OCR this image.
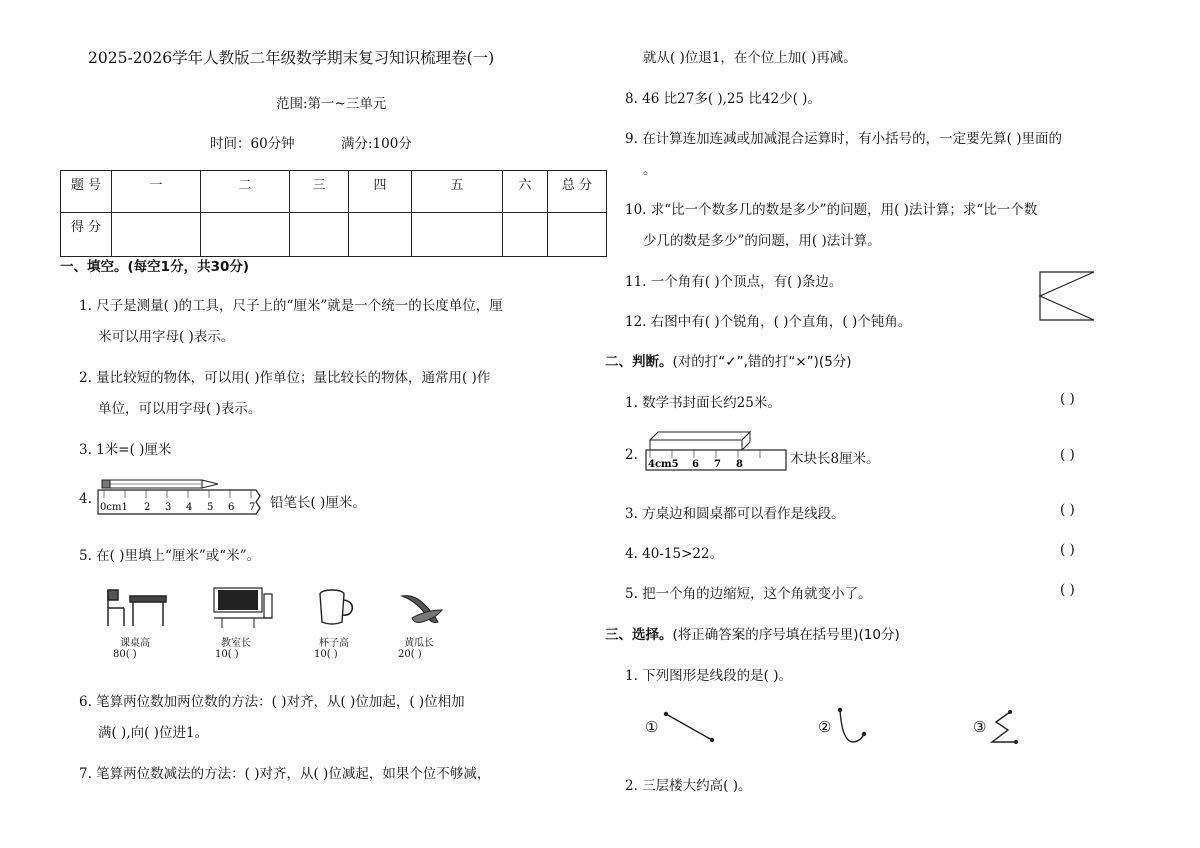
2025-2026学年人教版二年级数学期末复习知识梳理卷(一)
范围:第一~三单元
时间：60分钟	满分:100分
题 号	一	二	三	四	五	六	总 分
得 分							
一、填空。(每空1分，共30分)
1. 尺子是测量( )的工具，尺子上的“厘米”就是一个统一的长度单位，厘
米可以用字母( )表示。
2. 量比较短的物体，可以用( )作单位；量比较长的物体，通常用( )作
单位，可以用字母( )表示。
3. 1米=( )厘米
4.
0cm1 2 3 4 5 6 7 铅笔长( )厘米。
5. 在( )里填上“厘米”或“米”。
课桌高	教室长	杯子高	黄瓜长
80( )	10( )	10( )	20( )
6. 笔算两位数加两位数的方法：( )对齐，从( )位加起，( )位相加
满( ),向( )位进1。
7. 笔算两位数减法的方法：( )对齐，从( )位减起，如果个位不够减，
就从( )位退1，在个位上加( )再减。
8. 46 比27多( ),25 比42少( )。
9. 在计算连加连减或加减混合运算时，有小括号的，一定要先算( )里面的
。
10. 求“比一个数多几的数是多少”的问题，用( )法计算；求“比一个数
少几的数是多少”的问题，用( )法计算。
11. 一个角有( )个顶点，有( )条边。
12. 右图中有( )个锐角，( )个直角，( )个钝角。
二、判断。(对的打“✓”,错的打“×”)(5分)
1. 数学书封面长约25米。	( )
2.
4cm5 6 7 8	木块长8厘米。	( )
3. 方桌边和圆桌都可以看作是线段。	( )
4. 40-15>22。	( )
5. 把一个角的边缩短，这个角就变小了。	( )
三、选择。(将正确答案的序号填在括号里)(10分)
1. 下列图形是线段的是( )。
①	②	③
2. 三层楼大约高( )。
